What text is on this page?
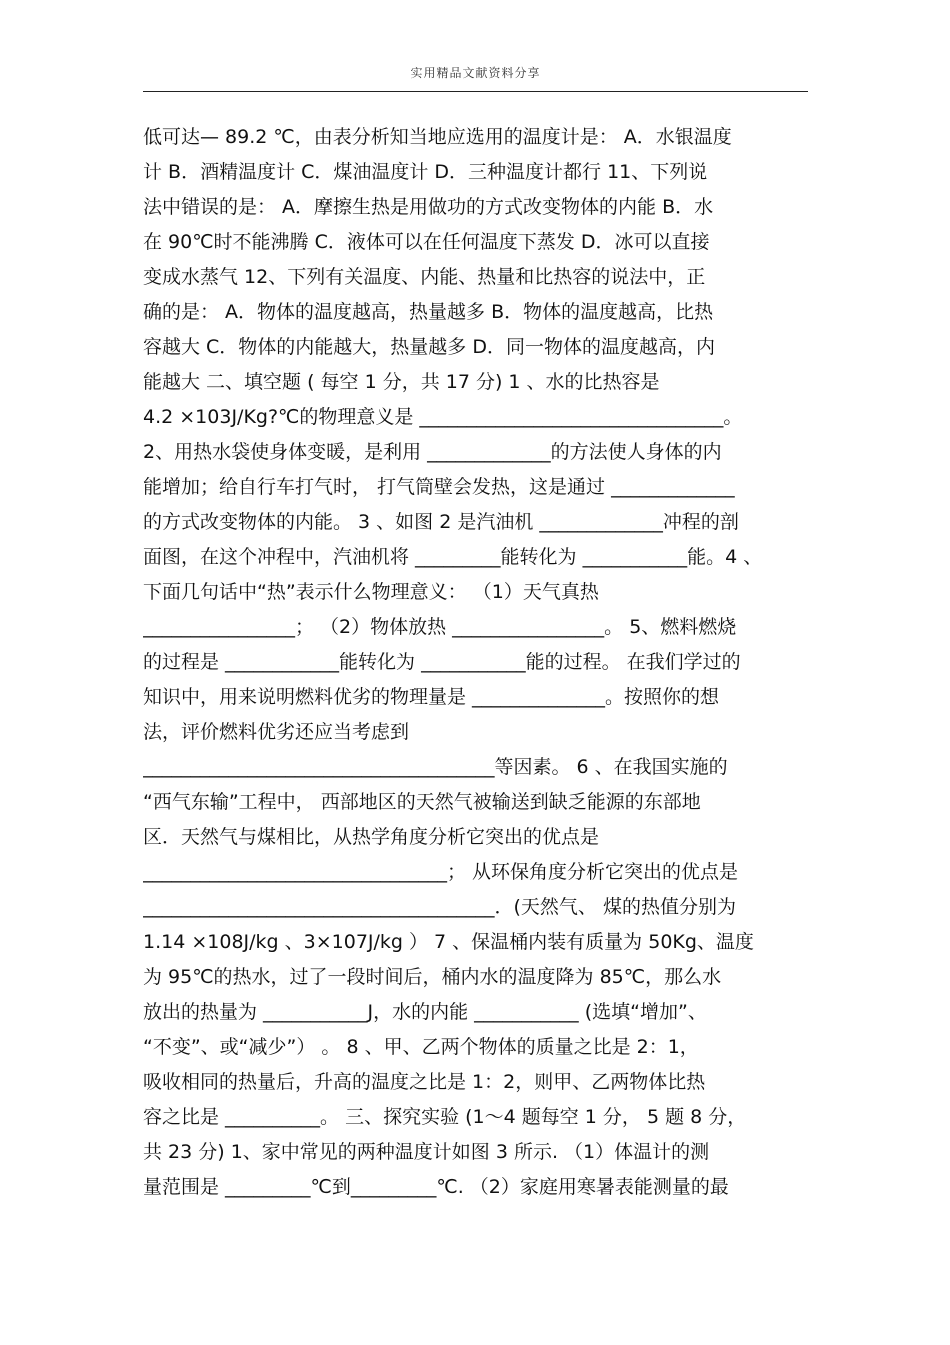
实用精品文献资料分享
低可达— 89.2 ℃，由表分析知当地应选用的温度计是： A．水银温度
计 B．酒精温度计 C．煤油温度计 D．三种温度计都行 11、下列说
法中错误的是： A．摩擦生热是用做功的方式改变物体的内能 B．水
在 90℃时不能沸腾 C．液体可以在任何温度下蒸发 D．冰可以直接
变成水蒸气 12、下列有关温度、内能、热量和比热容的说法中，正
确的是： A．物体的温度越高，热量越多 B．物体的温度越高，比热
容越大 C．物体的内能越大，热量越多 D．同一物体的温度越高，内
能越大 二、填空题 ( 每空 1 分，共 17 分) 1 、水的比热容是
4.2 ×103J/Kg?℃的物理意义是 ________________________________。
2、用热水袋使身体变暖，是利用 _____________的方法使人身体的内
能增加；给自行车打气时， 打气筒壁会发热，这是通过 _____________
的方式改变物体的内能。 3 、如图 2 是汽油机 _____________冲程的剖
面图，在这个冲程中，汽油机将 _________能转化为 ___________能。4 、
下面几句话中“热”表示什么物理意义： （1）天气真热
________________； （2）物体放热 ________________。 5、燃料燃烧
的过程是 ____________能转化为 ___________能的过程。 在我们学过的
知识中，用来说明燃料优劣的物理量是 ______________。按照你的想
法，评价燃料优劣还应当考虑到
_____________________________________等因素。 6 、在我国实施的
“西气东输”工程中， 西部地区的天然气被输送到缺乏能源的东部地
区．天然气与煤相比，从热学角度分析它突出的优点是
________________________________； 从环保角度分析它突出的优点是
_____________________________________．(天然气、 煤的热值分别为
1.14 ×108J/kg 、3×107J/kg ） 7 、保温桶内装有质量为 50Kg、温度
为 95℃的热水，过了一段时间后，桶内水的温度降为 85℃，那么水
放出的热量为 ___________J，水的内能 ___________ (选填“增加”、
“不变”、或“减少”） 。 8 、甲、乙两个物体的质量之比是 2：1，
吸收相同的热量后，升高的温度之比是 1：2，则甲、乙两物体比热
容之比是 __________。 三、探究实验 (1～4 题每空 1 分， 5 题 8 分，
共 23 分) 1、家中常见的两种温度计如图 3 所示. （1）体温计的测
量范围是 _________℃到_________℃. （2）家庭用寒暑表能测量的最
